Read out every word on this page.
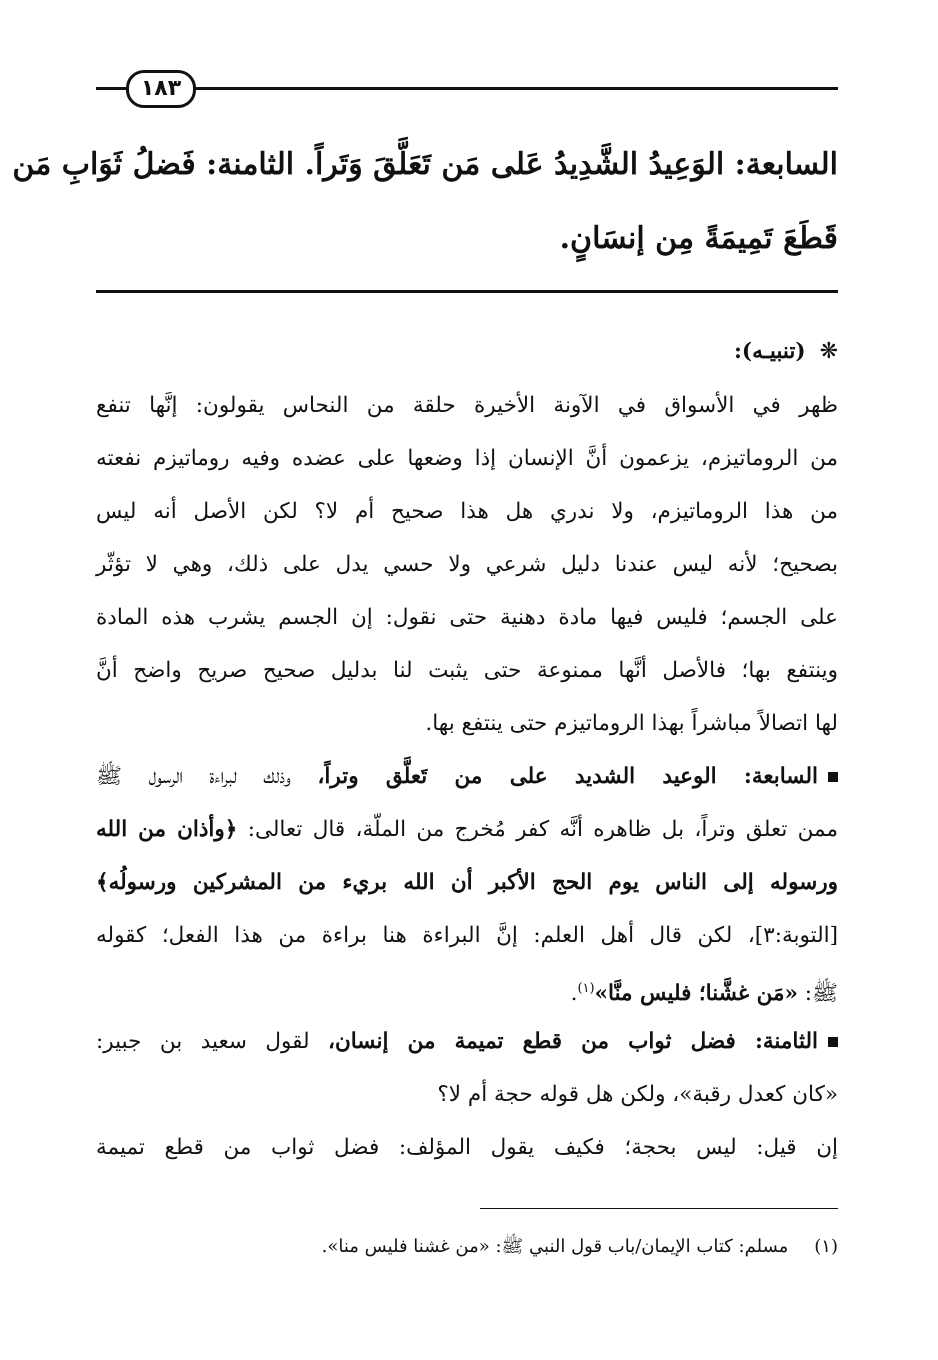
١٨٣
السابعة: الوَعِيدُ الشَّدِيدُ عَلى مَن تَعَلَّقَ وَتَراً. الثامنة: فَضلُ ثَوَابِ مَن
قَطَعَ تَمِيمَةً مِن إنسَانٍ.
❋(تنبيـه):
ظهر في الأسواق في الآونة الأخيرة حلقة من النحاس يقولون: إنَّها تنفع
من الروماتيزم، يزعمون أنَّ الإنسان إذا وضعها على عضده وفيه روماتيزم نفعته
من هذا الروماتيزم، ولا ندري هل هذا صحيح أم لا؟ لكن الأصل أنه ليس
بصحيح؛ لأنه ليس عندنا دليل شرعي ولا حسي يدل على ذلك، وهي لا تؤثّر
على الجسم؛ فليس فيها مادة دهنية حتى نقول: إن الجسم يشرب هذه المادة
وينتفع بها؛ فالأصل أنَّها ممنوعة حتى يثبت لنا بدليل صحيح صريح واضح أنَّ
لها اتصالاً مباشراً بهذا الروماتيزم حتى ينتفع بها.
السابعة: الوعيد الشديد على من تَعلَّق وتراً، وذلك لبراءة الرسول ﷺ
ممن تعلق وتراً، بل ظاهره أنَّه كفر مُخرج من الملّة، قال تعالى: ﴿وأذان من الله
ورسوله إلى الناس يوم الحج الأكبر أن الله بريء من المشركين ورسولُه﴾
[التوبة:٣]، لكن قال أهل العلم: إنَّ البراءة هنا براءة من هذا الفعل؛ كقوله
ﷺ: «مَن غشَّنا؛ فليس منَّا»$^{(١)}$.
الثامنة: فضل ثواب من قطع تميمة من إنسان، لقول سعيد بن جبير:
«كان كعدل رقبة»، ولكن هل قوله حجة أم لا؟
إن قيل: ليس بحجة؛ فكيف يقول المؤلف: فضل ثواب من قطع تميمة
(١)مسلم: كتاب الإيمان/باب قول النبي ﷺ: «من غشنا فليس منا».
